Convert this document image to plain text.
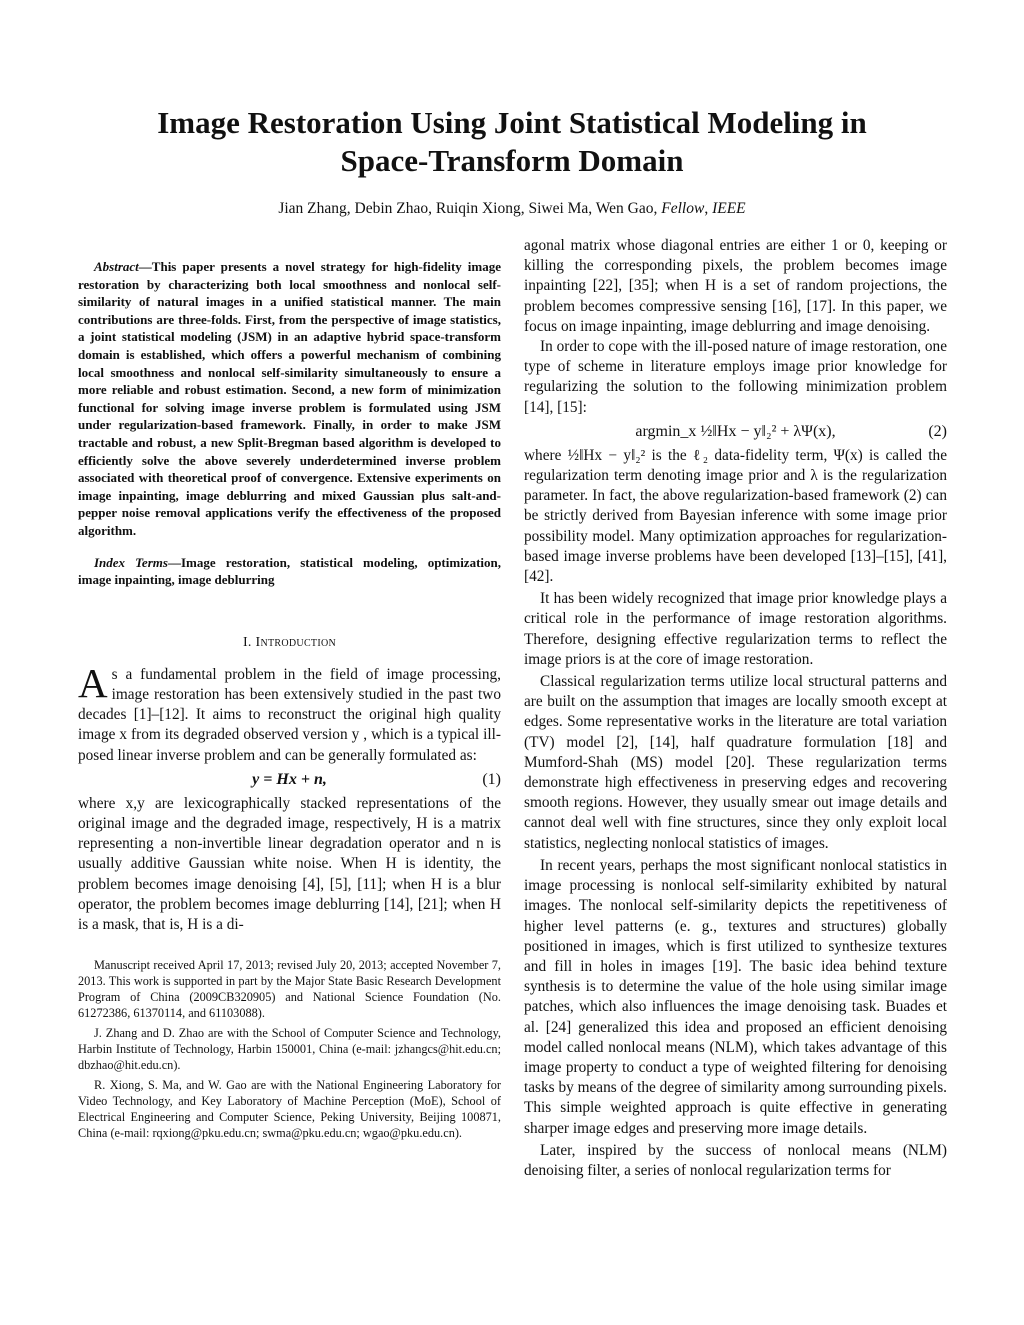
Image Restoration Using Joint Statistical Modeling in
Space-Transform Domain
Jian Zhang, Debin Zhao, Ruiqin Xiong, Siwei Ma, Wen Gao, Fellow, IEEE
Abstract—This paper presents a novel strategy for high-fidelity image restoration by characterizing both local smoothness and nonlocal self-similarity of natural images in a unified statistical manner. The main contributions are three-folds. First, from the perspective of image statistics, a joint statistical modeling (JSM) in an adaptive hybrid space-transform domain is established, which offers a powerful mechanism of combining local smoothness and nonlocal self-similarity simultaneously to ensure a more reliable and robust estimation. Second, a new form of minimization functional for solving image inverse problem is formulated using JSM under regularization-based framework. Finally, in order to make JSM tractable and robust, a new Split-Bregman based algorithm is developed to efficiently solve the above severely underdetermined inverse problem associated with theoretical proof of convergence. Extensive experiments on image inpainting, image deblurring and mixed Gaussian plus salt-and-pepper noise removal applications verify the effectiveness of the proposed algorithm.
Index Terms—Image restoration, statistical modeling, optimization, image inpainting, image deblurring
I. Introduction

As a fundamental problem in the field of image processing, image restoration has been extensively studied in the past two decades [1]–[12]. It aims to reconstruct the original high quality image x from its degraded observed version y , which is a typical ill-posed linear inverse problem and can be generally formulated as:

y = Hx + n,	(1)

where x,y are lexicographically stacked representations of the original image and the degraded image, respectively, H is a matrix representing a non-invertible linear degradation operator and n is usually additive Gaussian white noise. When H is identity, the problem becomes image denoising [4], [5], [11]; when H is a blur operator, the problem becomes image deblurring [14], [21]; when H is a mask, that is, H is a di-

Manuscript received April 17, 2013; revised July 20, 2013; accepted November 7, 2013. This work is supported in part by the Major State Basic Research Development Program of China (2009CB320905) and National Science Foundation (No. 61272386, 61370114, and 61103088).

J. Zhang and D. Zhao are with the School of Computer Science and Technology, Harbin Institute of Technology, Harbin 150001, China (e-mail: jzhangcs@hit.edu.cn; dbzhao@hit.edu.cn).

R. Xiong, S. Ma, and W. Gao are with the National Engineering Laboratory for Video Technology, and Key Laboratory of Machine Perception (MoE), School of Electrical Engineering and Computer Science, Peking University, Beijing 100871, China (e-mail: rqxiong@pku.edu.cn; swma@pku.edu.cn; wgao@pku.edu.cn).

agonal matrix whose diagonal entries are either 1 or 0, keeping or killing the corresponding pixels, the problem becomes image inpainting [22], [35]; when H is a set of random projections, the problem becomes compressive sensing [16], [17]. In this paper, we focus on image inpainting, image deblurring and image denoising.

In order to cope with the ill-posed nature of image restoration, one type of scheme in literature employs image prior knowledge for regularizing the solution to the following minimization problem [14], [15]:

argmin_x ½‖Hx − y‖₂² + λΨ(x),	(2)

where ½‖Hx − y‖₂² is the ℓ₂ data-fidelity term, Ψ(x) is called the regularization term denoting image prior and λ is the regularization parameter. In fact, the above regularization-based framework (2) can be strictly derived from Bayesian inference with some image prior possibility model. Many optimization approaches for regularization-based image inverse problems have been developed [13]–[15], [41], [42].

It has been widely recognized that image prior knowledge plays a critical role in the performance of image restoration algorithms. Therefore, designing effective regularization terms to reflect the image priors is at the core of image restoration.

Classical regularization terms utilize local structural patterns and are built on the assumption that images are locally smooth except at edges. Some representative works in the literature are total variation (TV) model [2], [14], half quadrature formulation [18] and Mumford-Shah (MS) model [20]. These regularization terms demonstrate high effectiveness in preserving edges and recovering smooth regions. However, they usually smear out image details and cannot deal well with fine structures, since they only exploit local statistics, neglecting nonlocal statistics of images.

In recent years, perhaps the most significant nonlocal statistics in image processing is nonlocal self-similarity exhibited by natural images. The nonlocal self-similarity depicts the repetitiveness of higher level patterns (e. g., textures and structures) globally positioned in images, which is first utilized to synthesize textures and fill in holes in images [19]. The basic idea behind texture synthesis is to determine the value of the hole using similar image patches, which also influences the image denoising task. Buades et al. [24] generalized this idea and proposed an efficient denoising model called nonlocal means (NLM), which takes advantage of this image property to conduct a type of weighted filtering for denoising tasks by means of the degree of similarity among surrounding pixels. This simple weighted approach is quite effective in generating sharper image edges and preserving more image details.

Later, inspired by the success of nonlocal means (NLM) denoising filter, a series of nonlocal regularization terms for
